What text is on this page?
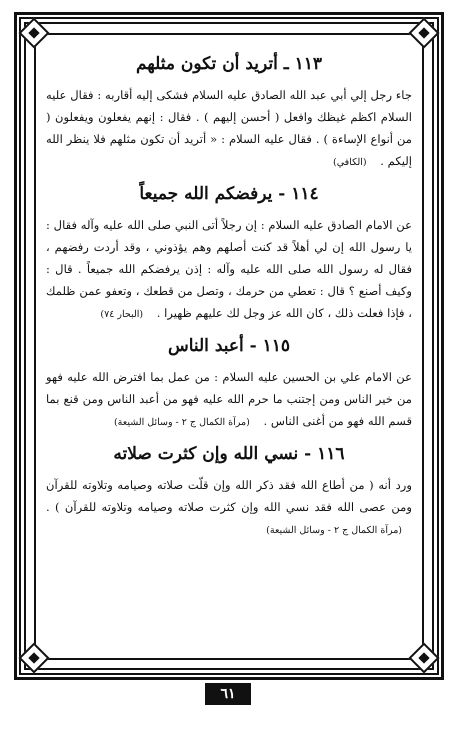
١١٣ ـ أتريد أن تكون مثلهم

جاء رجل إلي أبي عبد الله الصادق عليه السلام فشكى إليه أقاربه : فقال عليه السلام اكظم غيظك وافعل ( أحسن إليهم ) . فقال : إنهم يفعلون ويفعلون ( من أنواع الإساءة ) . فقال عليه السلام : « أتريد أن تكون مثلهم فلا ينظر الله إليكم . (الكافي)

١١٤ - يرفضكم الله جميعاً

عن الامام الصادق عليه السلام : إن رجلاً أتى النبي صلى الله عليه وآله فقال : يا رسول الله إن لي أهلاً قد كنت أصلهم وهم يؤذوني ، وقد أردت رفضهم ، فقال له رسول الله صلى الله عليه وآله : إذن يرفضكم الله جميعاً . قال : وكيف أصنع ؟ قال : تعطي من حرمك ، وتصل من قطعك ، وتعفو عمن ظلمك ، فإذا فعلت ذلك ، كان الله عز وجل لك عليهم ظهيرا . (البحار ٧٤)

١١٥ - أعبد الناس

عن الامام علي بن الحسين عليه السلام : من عمل بما افترض الله عليه فهو من خير الناس ومن إجتنب ما حرم الله عليه فهو من أعبد الناس ومن قنع بما قسم الله فهو من أغنى الناس . (مرآة الكمال ج ٢ - وسائل الشيعة)

١١٦ - نسي الله وإن كثرت صلاته

ورد أنه ( من أطاع الله فقد ذكر الله وإن قلّت صلاته وصيامه وتلاوته للقرآن ومن عصى الله فقد نسي الله وإن كثرت صلاته وصيامه وتلاوته للقرآن ) . (مرآة الكمال ج ٢ - وسائل الشيعة)

٦١
